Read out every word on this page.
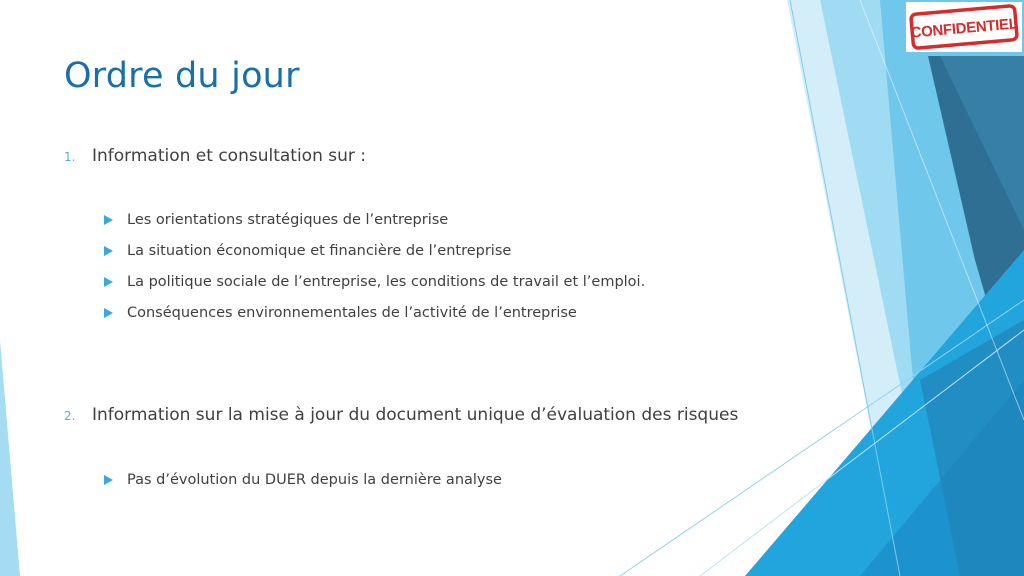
CONFIDENTIEL
Ordre du jour
1. Information et consultation sur :
Les orientations stratégiques de l’entreprise
La situation économique et financière de l’entreprise
La politique sociale de l’entreprise, les conditions de travail et l’emploi.
Conséquences environnementales de l’activité de l’entreprise
2. Information sur la mise à jour du document unique d’évaluation des risques
Pas d’évolution du DUER depuis la dernière analyse
